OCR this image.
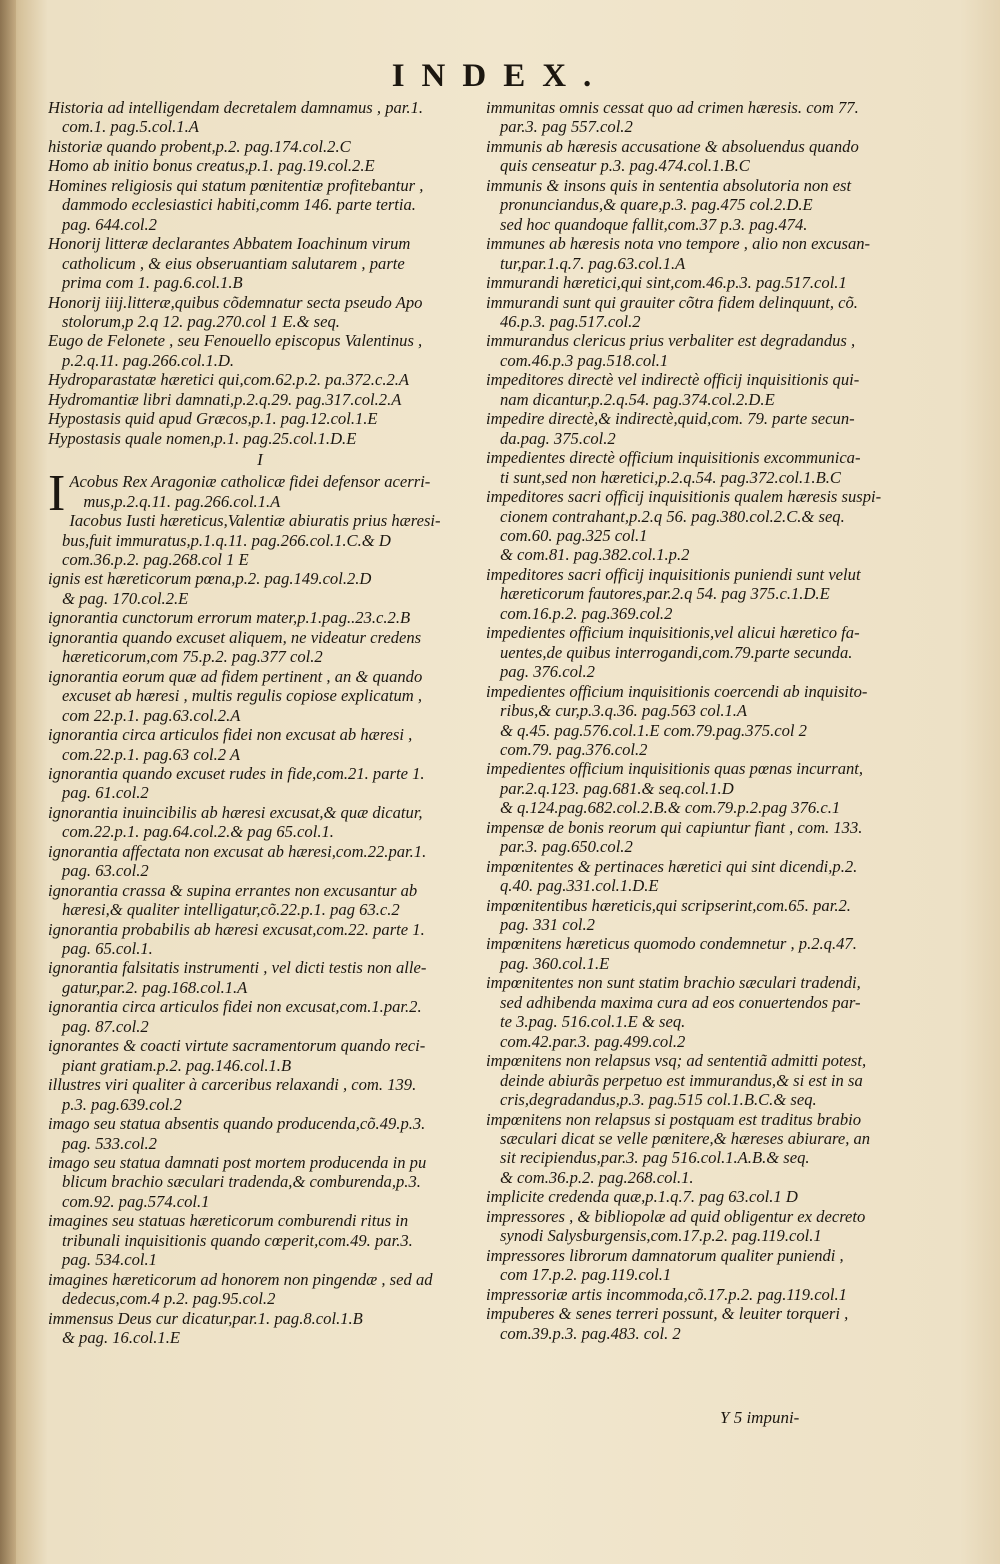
INDEX.
Historia ad intelligendam decretalem damnamus , par.1.
com.1. pag.5.col.1.A
historiæ quando probent,p.2. pag.174.col.2.C
Homo ab initio bonus creatus,p.1. pag.19.col.2.E
Homines religiosis qui statum pœnitentiæ profitebantur ,
dammodo ecclesiastici habiti,comm 146. parte tertia.
pag. 644.col.2
Honorij litteræ declarantes Abbatem Ioachinum virum
catholicum , & eius obseruantiam salutarem , parte
prima com 1. pag.6.col.1.B
Honorij iiij.litteræ,quibus cõdemnatur secta pseudo Apo
stolorum,p 2.q 12. pag.270.col 1 E.& seq.
Eugo de Felonete , seu Fenouello episcopus Valentinus ,
p.2.q.11. pag.266.col.1.D.
Hydroparastatæ hæretici qui,com.62.p.2. pa.372.c.2.A
Hydromantiæ libri damnati,p.2.q.29. pag.317.col.2.A
Hypostasis quid apud Græcos,p.1. pag.12.col.1.E
Hypostasis quale nomen,p.1. pag.25.col.1.D.E
I
I Acobus Rex Aragoniæ catholicæ fidei defensor acerri-
mus,p.2.q.11. pag.266.col.1.A
Iacobus Iusti hæreticus,Valentiæ abiuratis prius hæresi-
bus,fuit immuratus,p.1.q.11. pag.266.col.1.C.& D
com.36.p.2. pag.268.col 1 E
ignis est hæreticorum pœna,p.2. pag.149.col.2.D
& pag. 170.col.2.E
ignorantia cunctorum errorum mater,p.1.pag..23.c.2.B
ignorantia quando excuset aliquem, ne videatur credens
hæreticorum,com 75.p.2. pag.377 col.2
ignorantia eorum quæ ad fidem pertinent , an & quando
excuset ab hæresi , multis regulis copiose explicatum ,
com 22.p.1. pag.63.col.2.A
ignorantia circa articulos fidei non excusat ab hæresi ,
com.22.p.1. pag.63 col.2 A
ignorantia quando excuset rudes in fide,com.21. parte 1.
pag. 61.col.2
ignorantia inuincibilis ab hæresi excusat,& quæ dicatur,
com.22.p.1. pag.64.col.2.& pag 65.col.1.
ignorantia affectata non excusat ab hæresi,com.22.par.1.
pag. 63.col.2
ignorantia crassa & supina errantes non excusantur ab
hæresi,& qualiter intelligatur,cõ.22.p.1. pag 63.c.2
ignorantia probabilis ab hæresi excusat,com.22. parte 1.
pag. 65.col.1.
ignorantia falsitatis instrumenti , vel dicti testis non alle-
gatur,par.2. pag.168.col.1.A
ignorantia circa articulos fidei non excusat,com.1.par.2.
pag. 87.col.2
ignorantes & coacti virtute sacramentorum quando reci-
piant gratiam.p.2. pag.146.col.1.B
illustres viri qualiter à carceribus relaxandi , com. 139.
p.3. pag.639.col.2
imago seu statua absentis quando producenda,cõ.49.p.3.
pag. 533.col.2
imago seu statua damnati post mortem producenda in pu
blicum brachio sæculari tradenda,& comburenda,p.3.
com.92. pag.574.col.1
imagines seu statuas hæreticorum comburendi ritus in
tribunali inquisitionis quando cœperit,com.49. par.3.
pag. 534.col.1
imagines hæreticorum ad honorem non pingendæ , sed ad
dedecus,com.4 p.2. pag.95.col.2
immensus Deus cur dicatur,par.1. pag.8.col.1.B
& pag. 16.col.1.E
immunitas omnis cessat quo ad crimen hæresis. com 77.
par.3. pag 557.col.2
immunis ab hæresis accusatione & absoluendus quando
quis censeatur p.3. pag.474.col.1.B.C
immunis & insons quis in sententia absolutoria non est
pronunciandus,& quare,p.3. pag.475 col.2.D.E
sed hoc quandoque fallit,com.37 p.3. pag.474.
immunes ab hæresis nota vno tempore , alio non excusan-
tur,par.1.q.7. pag.63.col.1.A
immurandi hæretici,qui sint,com.46.p.3. pag.517.col.1
immurandi sunt qui grauiter cõtra fidem delinquunt, cõ.
46.p.3. pag.517.col.2
immurandus clericus prius verbaliter est degradandus ,
com.46.p.3 pag.518.col.1
impeditores directè vel indirectè officij inquisitionis qui-
nam dicantur,p.2.q.54. pag.374.col.2.D.E
impedire directè,& indirectè,quid,com. 79. parte secun-
da.pag. 375.col.2
impedientes directè officium inquisitionis excommunica-
ti sunt,sed non hæretici,p.2.q.54. pag.372.col.1.B.C
impeditores sacri officij inquisitionis qualem hæresis suspi-
cionem contrahant,p.2.q 56. pag.380.col.2.C.& seq.
com.60. pag.325 col.1
& com.81. pag.382.col.1.p.2
impeditores sacri officij inquisitionis puniendi sunt velut
hæreticorum fautores,par.2.q 54. pag 375.c.1.D.E
com.16.p.2. pag.369.col.2
impedientes officium inquisitionis,vel alicui hæretico fa-
uentes,de quibus interrogandi,com.79.parte secunda.
pag. 376.col.2
impedientes officium inquisitionis coercendi ab inquisito-
ribus,& cur,p.3.q.36. pag.563 col.1.A
& q.45. pag.576.col.1.E com.79.pag.375.col 2
com.79. pag.376.col.2
impedientes officium inquisitionis quas pœnas incurrant,
par.2.q.123. pag.681.& seq.col.1.D
& q.124.pag.682.col.2.B.& com.79.p.2.pag 376.c.1
impensæ de bonis reorum qui capiuntur fiant , com. 133.
par.3. pag.650.col.2
impœnitentes & pertinaces hæretici qui sint dicendi,p.2.
q.40. pag.331.col.1.D.E
impœnitentibus hæreticis,qui scripserint,com.65. par.2.
pag. 331 col.2
impœnitens hæreticus quomodo condemnetur , p.2.q.47.
pag. 360.col.1.E
impœnitentes non sunt statim brachio sæculari tradendi,
sed adhibenda maxima cura ad eos conuertendos par-
te 3.pag. 516.col.1.E & seq.
com.42.par.3. pag.499.col.2
impœnitens non relapsus vsq; ad sententiã admitti potest,
deinde abiurãs perpetuo est immurandus,& si est in sa
cris,degradandus,p.3. pag.515 col.1.B.C.& seq.
impœnitens non relapsus si postquam est traditus brabio
sæculari dicat se velle pœnitere,& hæreses abiurare, an
sit recipiendus,par.3. pag 516.col.1.A.B.& seq.
& com.36.p.2. pag.268.col.1.
implicite credenda quæ,p.1.q.7. pag 63.col.1 D
impressores , & bibliopolæ ad quid obligentur ex decreto
synodi Salysburgensis,com.17.p.2. pag.119.col.1
impressores librorum damnatorum qualiter puniendi ,
com 17.p.2. pag.119.col.1
impressoriæ artis incommoda,cõ.17.p.2. pag.119.col.1
impuberes & senes terreri possunt, & leuiter torqueri ,
com.39.p.3. pag.483. col. 2
Y 5 impuni-
